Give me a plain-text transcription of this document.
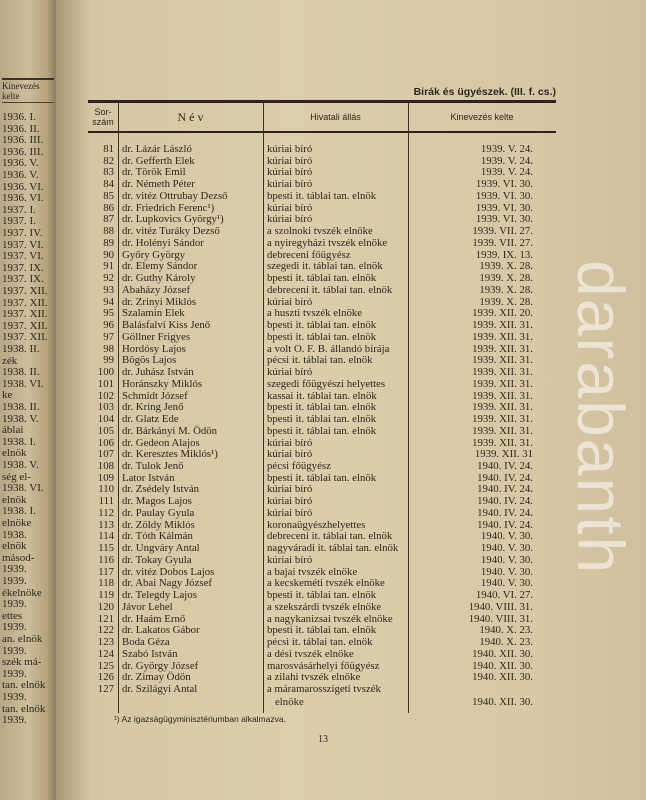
Kinevezés kelte
1936. I.
1936. II.
1936. III.
1936. III.
1936. V.
1936. V.
1936. VI.
1936. VI.
1937. I.
1937. I.
1937. IV.
1937. VI.
1937. VI.
1937. IX.
1937. IX.
1937. XII.
1937. XII.
1937. XII.
1937. XII.
1937. XII.
1938. II.
zék
1938. II.
1938. VI.
ke
1938. II.
1938. V.
áblai
1938. I.
elnök
1938. V.
ség el-
1938. VI.
elnök
1938. I.
elnöke
1938.
elnök
másod-
1939.
1939.
ékelnöke
1939.
ettes
1939.
an. elnök
1939.
szék má-
1939.
tan. elnök
1939.
tan. elnök
1939.
Birák és ügyészek. (III. f. cs.)
Sor-
szám	N é v	Hivatali állás	Kinevezés kelte
81 dr. Lázár László	kúriai bíró	1939. V. 24.
82 dr. Gefferth Elek	kúriai bíró	1939. V. 24.
83 dr. Török Emil	kúriai bíró	1939. V. 24.
84 dr. Németh Péter	kúriai bíró	1939. VI. 30.
85 dr. vitéz Ottrubay Dezső	bpesti it. táblai tan. elnök	1939. VI. 30.
86 dr. Friedrich Ferenc¹)	kúriai bíró	1939. VI. 30.
87 dr. Lupkovics György¹)	kúriai bíró	1939. VI. 30.
88 dr. vitéz Turáky Dezső	a szolnoki tvszék elnöke	1939. VII. 27.
89 dr. Holényi Sándor	a nyiregyházi tvszék elnöke	1939. VII. 27.
90 Győry György	debreceni főügyész	1939. IX. 13.
91 dr. Elemy Sándor	szegedi it. táblai tan. elnök	1939. X. 28.
92 dr. Guthy Károly	bpesti it. táblai tan. elnök	1939. X. 28.
93 Abaházy József	debreceni it. táblai tan. elnök	1939. X. 28.
94 dr. Zrinyi Miklós	kúriai bíró	1939. X. 28.
95 Szalamin Elek	a huszti tvszék elnöke	1939. XII. 20.
96 Balásfalvi Kiss Jenő	bpesti it. táblai tan. elnök	1939. XII. 31.
97 Göllner Frigyes	bpesti it. táblai tan. elnök	1939. XII. 31.
98 Hordósy Lajos	a volt O. F. B. állandó bírája	1939. XII. 31.
99 Bögös Lajos	pécsi it. táblai tan. elnök	1939. XII. 31.
100 dr. Juhász István	kúriai bíró	1939. XII. 31.
101 Horánszky Miklós	szegedi főügyészi helyettes	1939. XII. 31.
102 Schmidt József	kassai it. táblai tan. elnök	1939. XII. 31.
103 dr. Kring Jenő	bpesti it. táblai tan. elnök	1939. XII. 31.
104 dr. Glatz Ede	bpesti it. táblai tan. elnök	1939. XII. 31.
105 dr. Bárkányi M. Ödön	bpesti it. táblai tan. elnök	1939. XII. 31.
106 dr. Gedeon Alajos	kúriai bíró	1939. XII. 31.
107 dr. Keresztes Miklós¹)	kúriai bíró	1939. XII. 31
108 dr. Tulok Jenő	pécsi főügyész	1940. IV. 24.
109 Lator István	bpesti it. táblai tan. elnök	1940. IV. 24.
110 dr. Zsédely István	kúriai bíró	1940. IV. 24.
111 dr. Magos Lajos	kúriai bíró	1940. IV. 24.
112 dr. Paulay Gyula	kúriai bíró	1940. IV. 24.
113 dr. Zöldy Miklós	koronaügyészhelyettes	1940. IV. 24.
114 dr. Tóth Kálmán	debreceni it. táblai tan. elnök	1940. V. 30.
115 dr. Ungváry Antal	nagyváradi it. táblai tan. elnök	1940. V. 30.
116 dr. Tokay Gyula	kúriai bíró	1940. V. 30.
117 dr. vitéz Dobos Lajos	a bajai tvszék elnöke	1940. V. 30.
118 dr. Abai Nagy József	a kecskeméti tvszék elnöke	1940. V. 30.
119 dr. Telegdy Lajos	bpesti it. táblai tan. elnök	1940. VI. 27.
120 Jávor Lehel	a szekszárdi tvszék elnöke	1940. VIII. 31.
121 dr. Haám Ernő	a nagykanizsai tvszék elnöke	1940. VIII. 31.
122 dr. Lakatos Gábor	bpesti it. táblai tan. elnök	1940. X. 23.
123 Boda Géza	pécsi it. táblai tan. elnök	1940. X. 23.
124 Szabó István	a dési tvszék elnöke	1940. XII. 30.
125 dr. György József	marosvásárhelyi főügyész	1940. XII. 30.
126 dr. Zimay Ödön	a zilahi tvszék elnöke	1940. XII. 30.
127 dr. Szilágyi Antal	a máramarosszigeti tvszék
elnöke	1940. XII. 30.
¹) Az igazságügyminisztériumban alkalmazva.
13
darabanth
